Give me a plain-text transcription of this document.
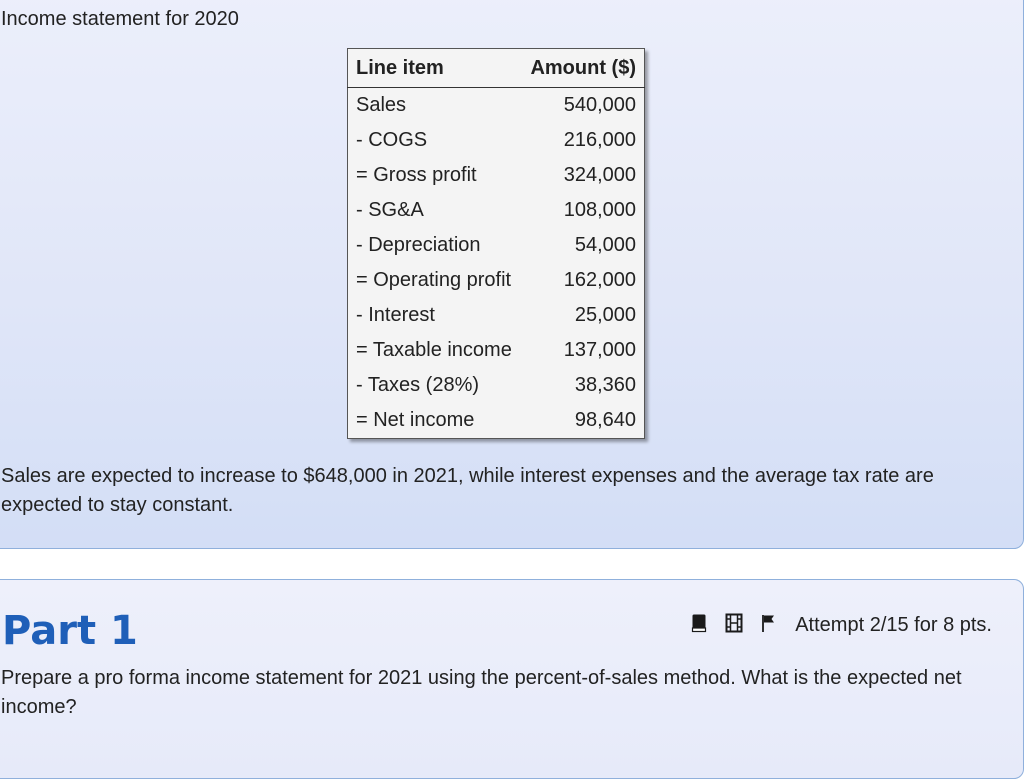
Income statement for 2020
Line item	Amount ($)
Sales	540,000
- COGS	216,000
= Gross profit	324,000
- SG&A	108,000
- Depreciation	54,000
= Operating profit	162,000
- Interest	25,000
= Taxable income	137,000
- Taxes (28%)	38,360
= Net income	98,640
Sales are expected to increase to $648,000 in 2021, while interest expenses and the average tax rate are expected to stay constant.
Part 1	Attempt 2/15 for 8 pts.
Prepare a pro forma income statement for 2021 using the percent-of-sales method. What is the expected net income?
